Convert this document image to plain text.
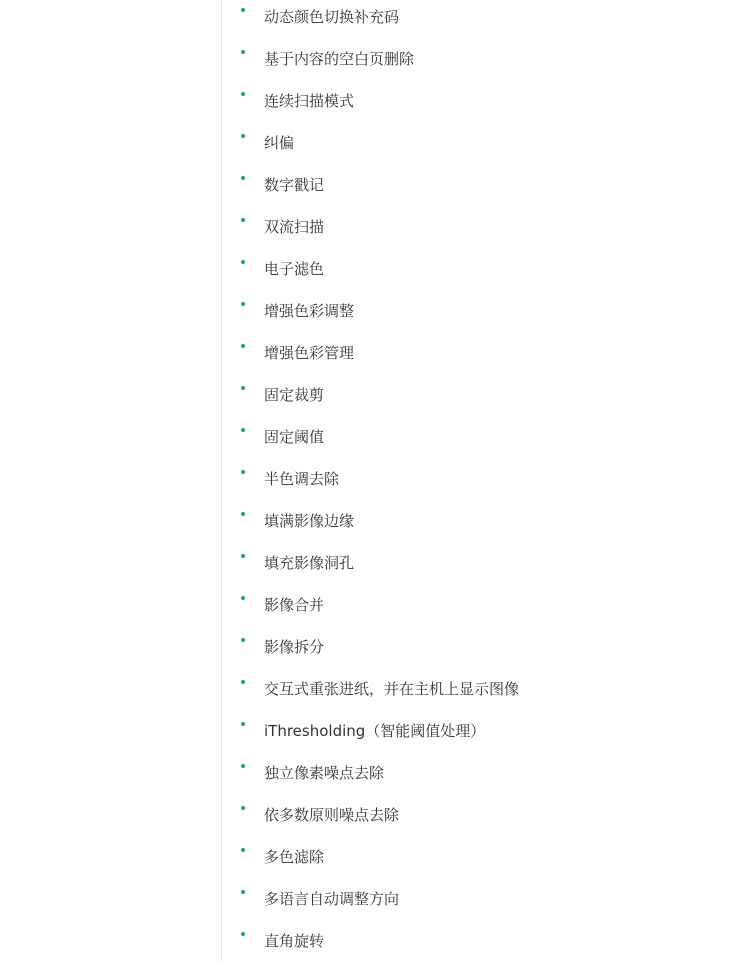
动态颜色切换补充码
基于内容的空白页删除
连续扫描模式
纠偏
数字戳记
双流扫描
电子滤色
增强色彩调整
增强色彩管理
固定裁剪
固定阈值
半色调去除
填满影像边缘
填充影像洞孔
影像合并
影像拆分
交互式重张进纸，并在主机上显示图像
iThresholding（智能阈值处理）
独立像素噪点去除
依多数原则噪点去除
多色滤除
多语言自动调整方向
直角旋转
